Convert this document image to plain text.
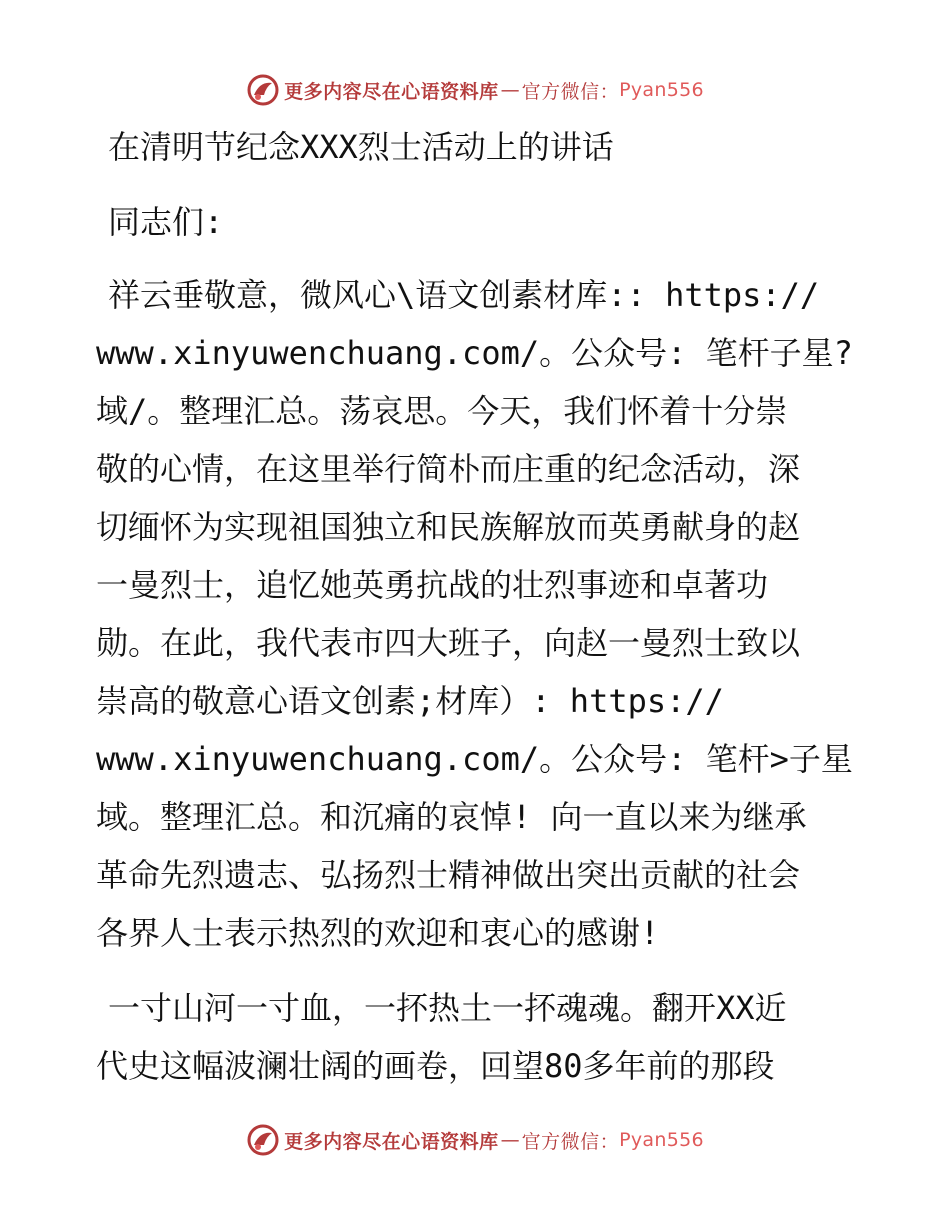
更多内容尽在心语资料库 — 官方微信： Pyan556
在清明节纪念XXX烈士活动上的讲话
同志们:
祥云垂敬意，微风心\语文创素材库:: https://
www.xinyuwenchuang.com/。公众号: 笔杆子星?
域/。整理汇总。荡哀思。今天，我们怀着十分崇
敬的心情，在这里举行简朴而庄重的纪念活动，深
切缅怀为实现祖国独立和民族解放而英勇献身的赵
一曼烈士，追忆她英勇抗战的壮烈事迹和卓著功
勋。在此，我代表市四大班子，向赵一曼烈士致以
崇高的敬意心语文创素;材库）: https://
www.xinyuwenchuang.com/。公众号: 笔杆>子星
域。整理汇总。和沉痛的哀悼! 向一直以来为继承
革命先烈遗志、弘扬烈士精神做出突出贡献的社会
各界人士表示热烈的欢迎和衷心的感谢!
一寸山河一寸血，一抔热土一抔魂魂。翻开XX近
代史这幅波澜壮阔的画卷，回望80多年前的那段
更多内容尽在心语资料库 — 官方微信： Pyan556
